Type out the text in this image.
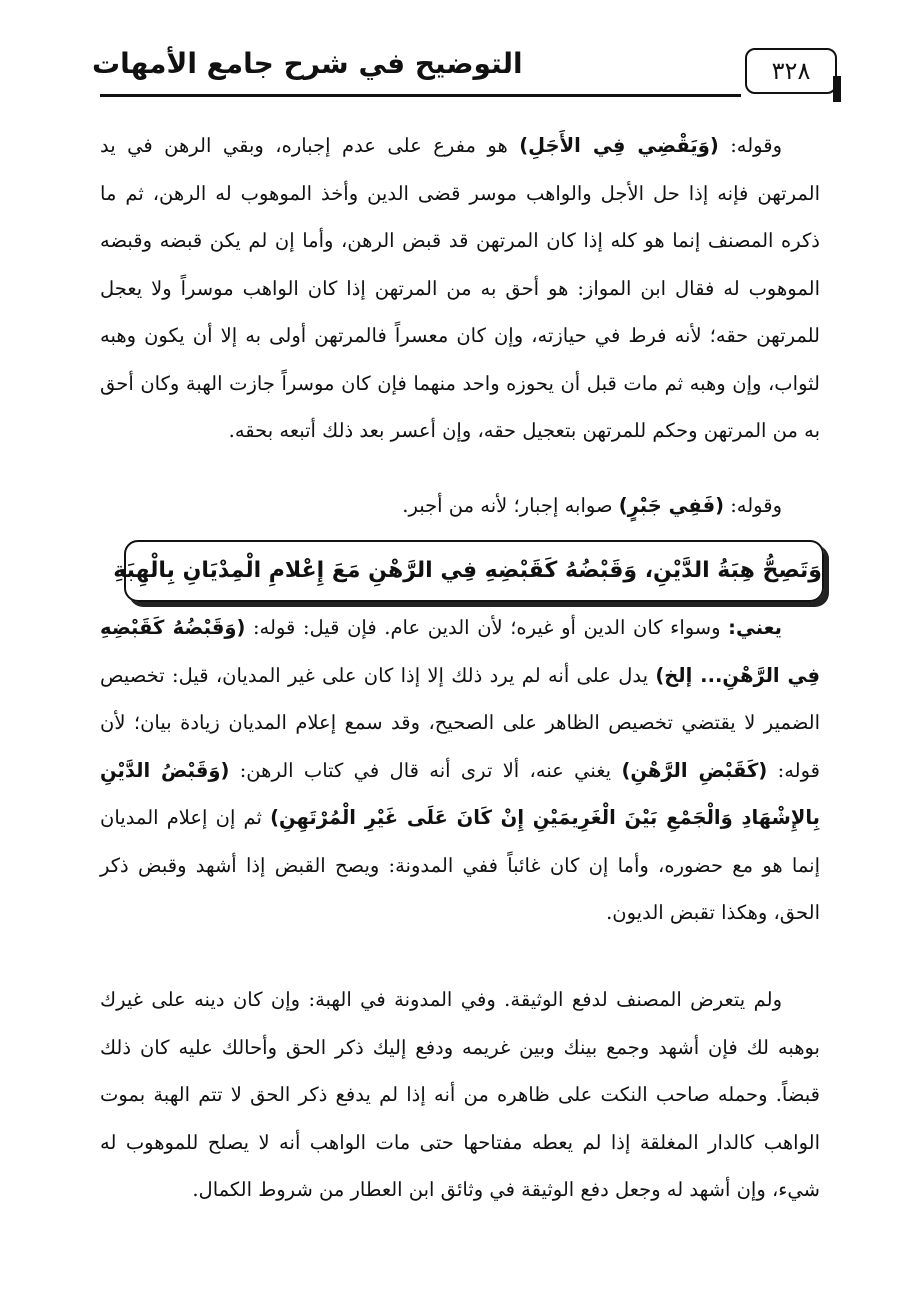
التوضيح في شرح جامع الأمهات	٣٢٨
وقوله: (وَيَقْضِي فِي الأَجَلِ) هو مفرع على عدم إجباره، وبقي الرهن في يد المرتهن فإنه إذا حل الأجل والواهب موسر قضى الدين وأخذ الموهوب له الرهن، ثم ما ذكره المصنف إنما هو كله إذا كان المرتهن قد قبض الرهن، وأما إن لم يكن قبضه وقبضه الموهوب له فقال ابن المواز: هو أحق به من المرتهن إذا كان الواهب موسراً ولا يعجل للمرتهن حقه؛ لأنه فرط في حيازته، وإن كان معسراً فالمرتهن أولى به إلا أن يكون وهبه لثواب، وإن وهبه ثم مات قبل أن يحوزه واحد منهما فإن كان موسراً جازت الهبة وكان أحق به من المرتهن وحكم للمرتهن بتعجيل حقه، وإن أعسر بعد ذلك أتبعه بحقه.
وقوله: (فَفِي جَبْرٍ) صوابه إجبار؛ لأنه من أجبر.
وَتَصِحُّ هِبَةُ الدَّيْنِ، وَقَبْضُهُ كَقَبْضِهِ فِي الرَّهْنِ مَعَ إِعْلامِ الْمِدْيَانِ بِالْهِبَةِ
يعني: وسواء كان الدين أو غيره؛ لأن الدين عام. فإن قيل: قوله: (وَقَبْضُهُ كَقَبْضِهِ فِي الرَّهْنِ... إلخ) يدل على أنه لم يرد ذلك إلا إذا كان على غير المديان، قيل: تخصيص الضمير لا يقتضي تخصيص الظاهر على الصحيح، وقد سمع إعلام المديان زيادة بيان؛ لأن قوله: (كَقَبْضِ الرَّهْنِ) يغني عنه، ألا ترى أنه قال في كتاب الرهن: (وَقَبْضُ الدَّيْنِ بِالإِشْهَادِ وَالْجَمْعِ بَيْنَ الْغَرِيمَيْنِ إِنْ كَانَ عَلَى غَيْرِ الْمُرْتَهِنِ) ثم إن إعلام المديان إنما هو مع حضوره، وأما إن كان غائباً ففي المدونة: ويصح القبض إذا أشهد وقبض ذكر الحق، وهكذا تقبض الديون.
ولم يتعرض المصنف لدفع الوثيقة. وفي المدونة في الهبة: وإن كان دينه على غيرك بوهبه لك فإن أشهد وجمع بينك وبين غريمه ودفع إليك ذكر الحق وأحالك عليه كان ذلك قبضاً. وحمله صاحب النكت على ظاهره من أنه إذا لم يدفع ذكر الحق لا تتم الهبة بموت الواهب كالدار المغلقة إذا لم يعطه مفتاحها حتى مات الواهب أنه لا يصلح للموهوب له شيء، وإن أشهد له وجعل دفع الوثيقة في وثائق ابن العطار من شروط الكمال.
